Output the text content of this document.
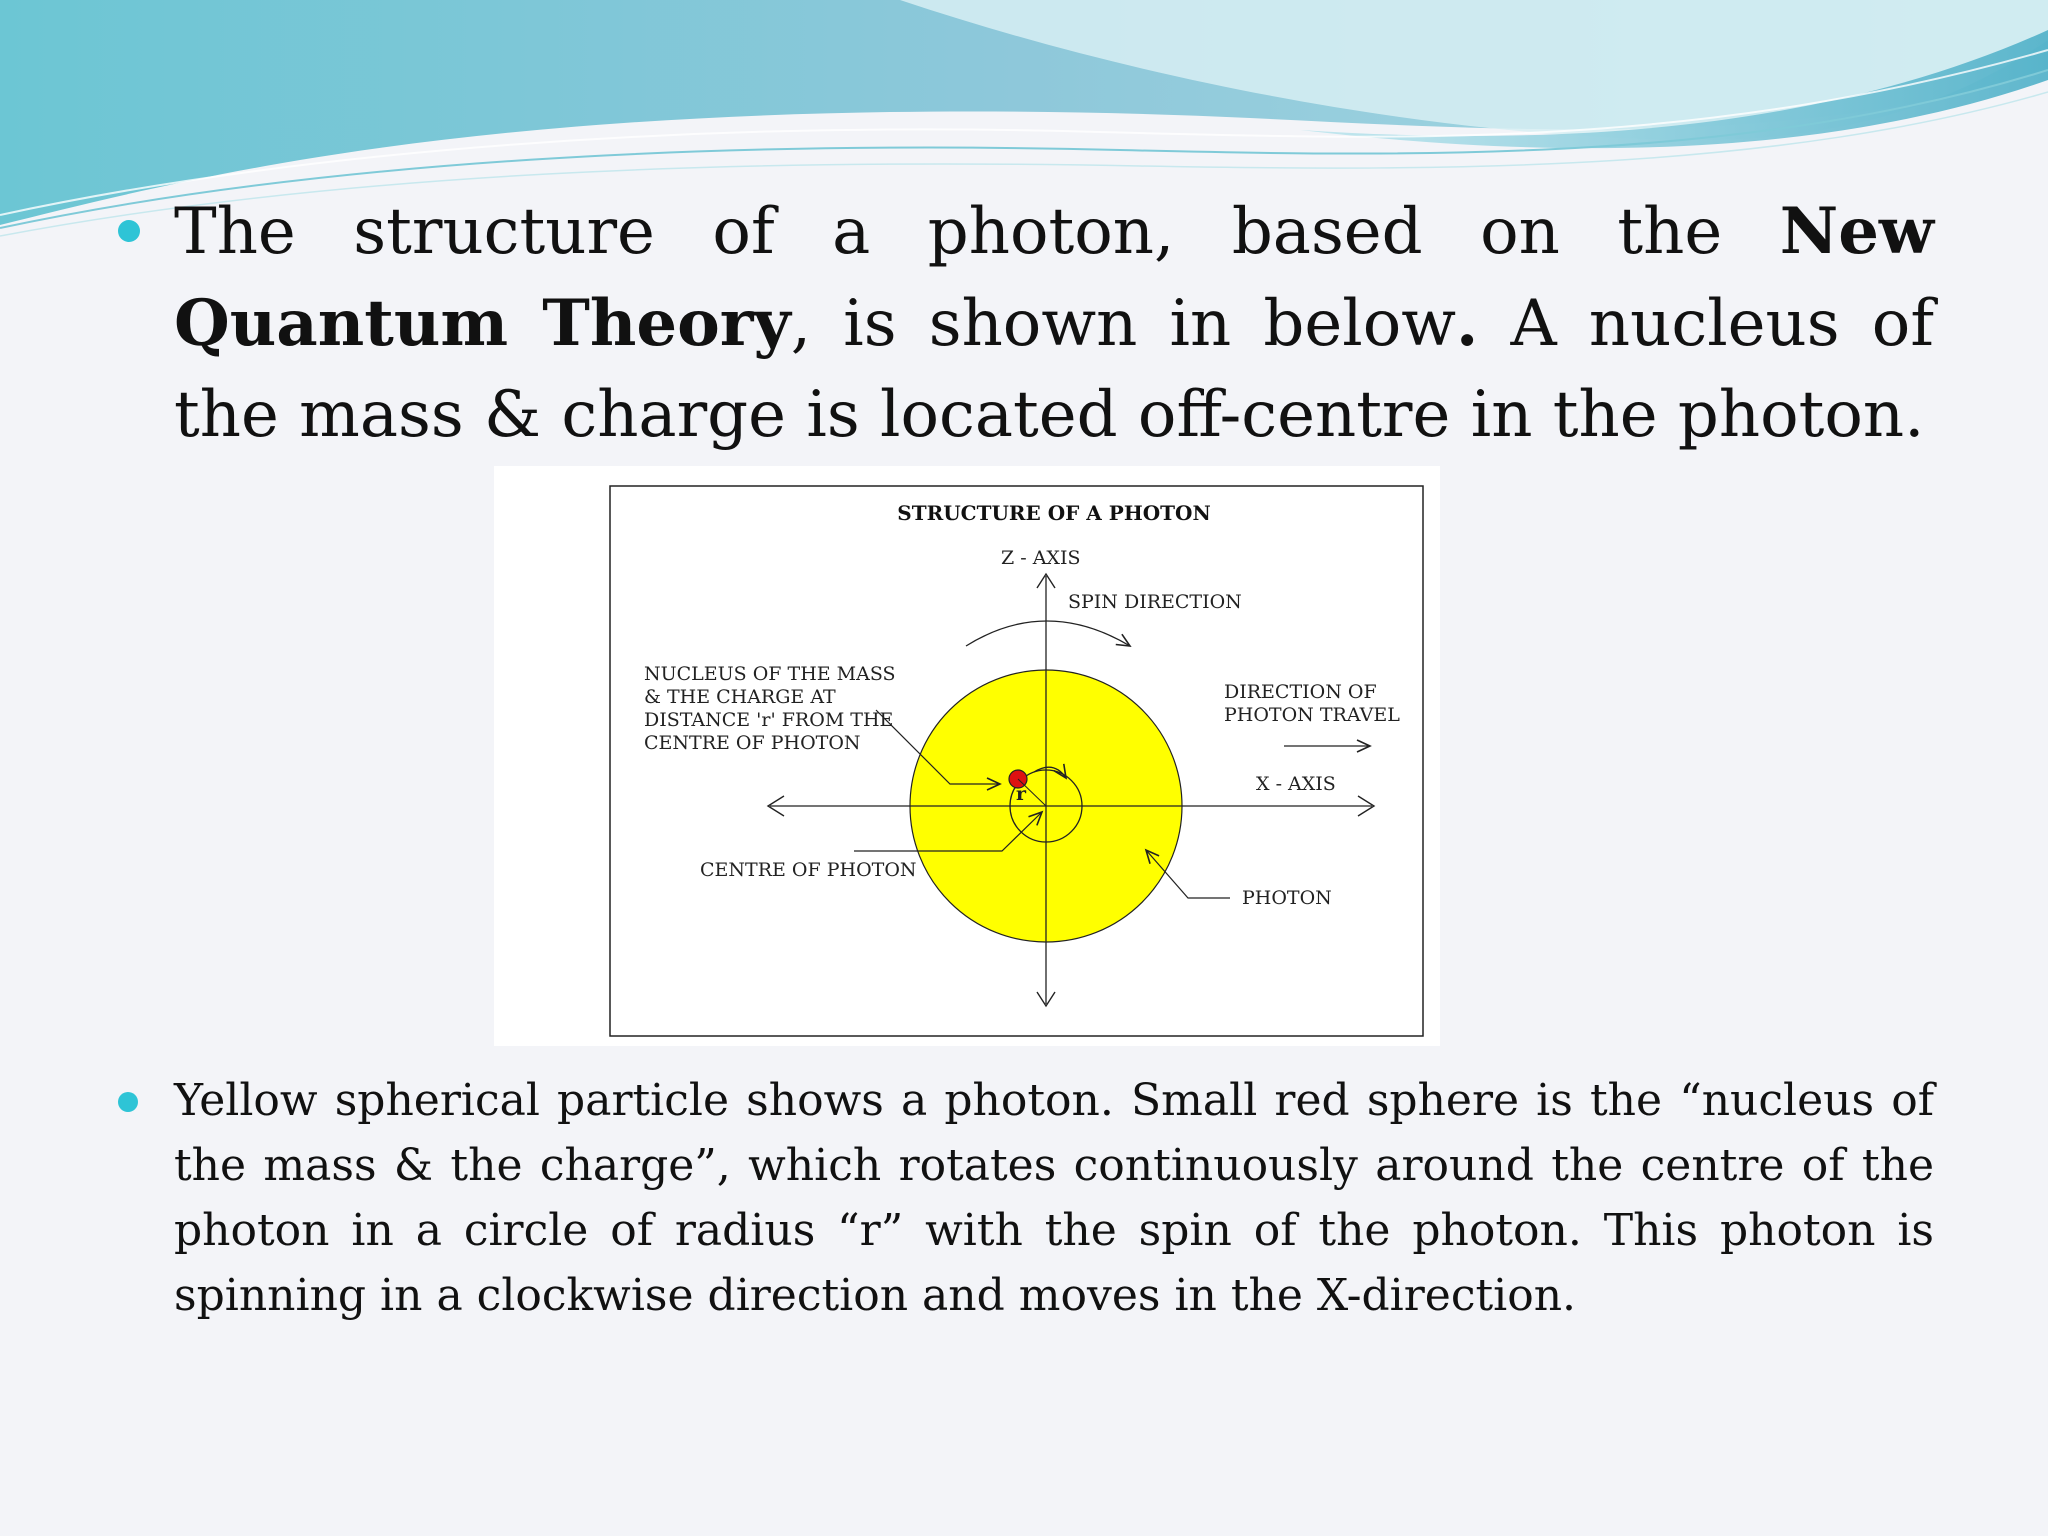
The structure of a photon, based on the New Quantum Theory, is shown in below. A nucleus of the mass & charge is located off-centre in the photon.

STRUCTURE OF A PHOTON
r
Z - AXIS
SPIN DIRECTION
NUCLEUS OF THE MASS & THE CHARGE AT DISTANCE 'r' FROM THE CENTRE OF PHOTON
DIRECTION OF PHOTON TRAVEL
X - AXIS
CENTRE OF PHOTON
PHOTON

Yellow spherical particle shows a photon. Small red sphere is the “nucleus of the mass & the charge”, which rotates continuously around the centre of the photon in a circle of radius “r” with the spin of the photon. This photon is spinning in a clockwise direction and moves in the X-direction.
